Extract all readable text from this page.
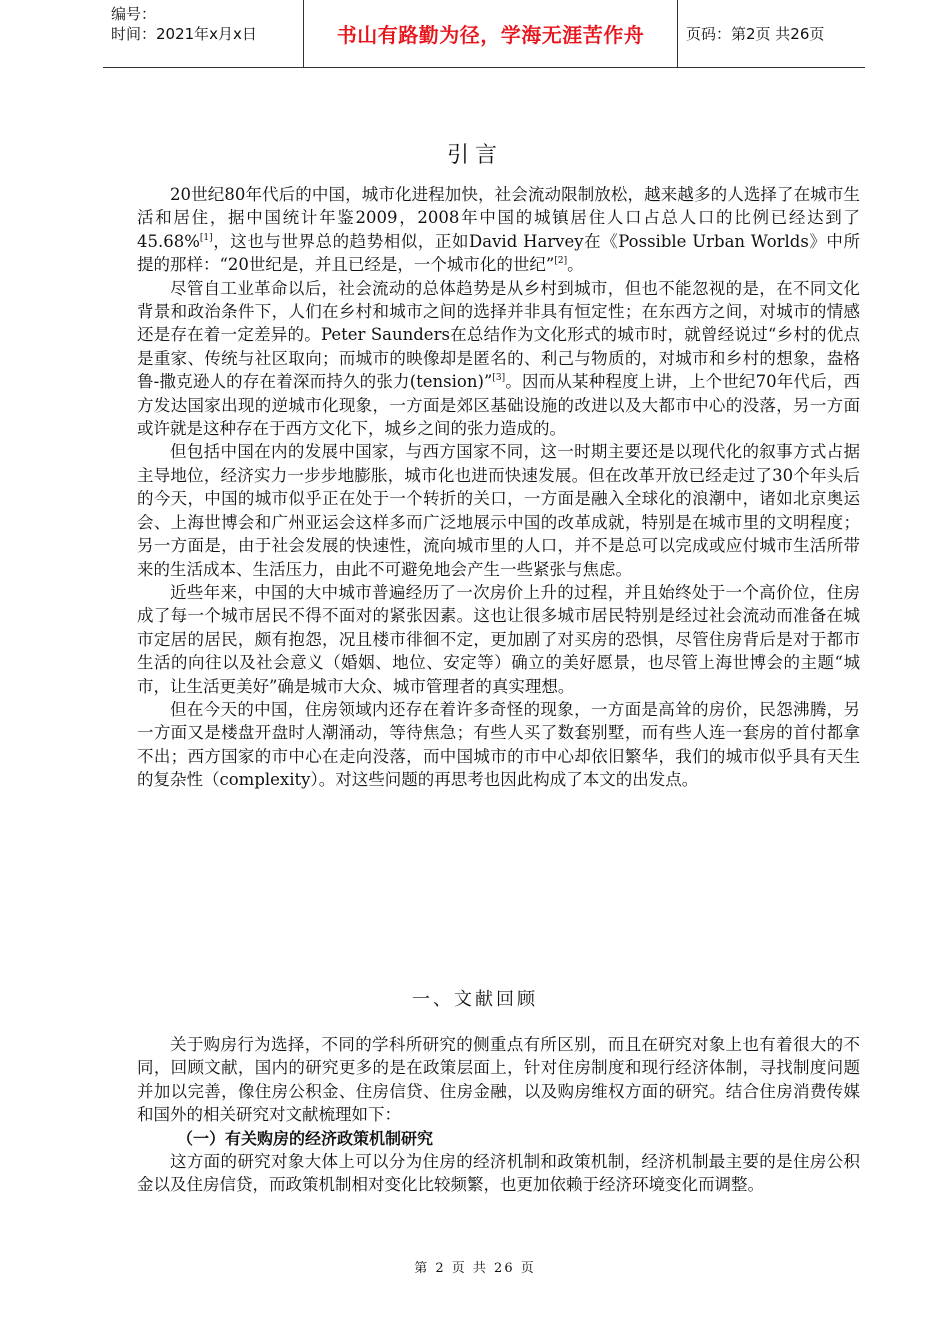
编号：
时间：2021年x月x日	书山有路勤为径，学海无涯苦作舟	页码：第2页 共26页
引言

20世纪80年代后的中国，城市化进程加快，社会流动限制放松，越来越多的人选择了在城市生活和居住，据中国统计年鉴2009，2008年中国的城镇居住人口占总人口的比例已经达到了45.68%[1]，这也与世界总的趋势相似，正如David Harvey在《Possible Urban Worlds》中所提的那样：“20世纪是，并且已经是，一个城市化的世纪”[2]。

尽管自工业革命以后，社会流动的总体趋势是从乡村到城市，但也不能忽视的是，在不同文化背景和政治条件下，人们在乡村和城市之间的选择并非具有恒定性；在东西方之间，对城市的情感还是存在着一定差异的。Peter Saunders在总结作为文化形式的城市时，就曾经说过“乡村的优点是重家、传统与社区取向；而城市的映像却是匿名的、利己与物质的，对城市和乡村的想象，盎格鲁-撒克逊人的存在着深而持久的张力(tension)”[3]。因而从某种程度上讲，上个世纪70年代后，西方发达国家出现的逆城市化现象，一方面是郊区基础设施的改进以及大都市中心的没落，另一方面或许就是这种存在于西方文化下，城乡之间的张力造成的。

但包括中国在内的发展中国家，与西方国家不同，这一时期主要还是以现代化的叙事方式占据主导地位，经济实力一步步地膨胀，城市化也进而快速发展。但在改革开放已经走过了30个年头后的今天，中国的城市似乎正在处于一个转折的关口，一方面是融入全球化的浪潮中，诸如北京奥运会、上海世博会和广州亚运会这样多而广泛地展示中国的改革成就，特别是在城市里的文明程度；另一方面是，由于社会发展的快速性，流向城市里的人口，并不是总可以完成或应付城市生活所带来的生活成本、生活压力，由此不可避免地会产生一些紧张与焦虑。

近些年来，中国的大中城市普遍经历了一次房价上升的过程，并且始终处于一个高价位，住房成了每一个城市居民不得不面对的紧张因素。这也让很多城市居民特别是经过社会流动而准备在城市定居的居民，颇有抱怨，况且楼市徘徊不定，更加剧了对买房的恐惧，尽管住房背后是对于都市生活的向往以及社会意义（婚姻、地位、安定等）确立的美好愿景，也尽管上海世博会的主题“城市，让生活更美好”确是城市大众、城市管理者的真实理想。

但在今天的中国，住房领域内还存在着许多奇怪的现象，一方面是高耸的房价，民怨沸腾，另一方面又是楼盘开盘时人潮涌动，等待焦急；有些人买了数套别墅，而有些人连一套房的首付都拿不出；西方国家的市中心在走向没落，而中国城市的市中心却依旧繁华，我们的城市似乎具有天生的复杂性（complexity）。对这些问题的再思考也因此构成了本文的出发点。

一、文献回顾

关于购房行为选择，不同的学科所研究的侧重点有所区别，而且在研究对象上也有着很大的不同，回顾文献，国内的研究更多的是在政策层面上，针对住房制度和现行经济体制，寻找制度问题并加以完善，像住房公积金、住房信贷、住房金融，以及购房维权方面的研究。结合住房消费传媒和国外的相关研究对文献梳理如下：

（一）有关购房的经济政策机制研究

这方面的研究对象大体上可以分为住房的经济机制和政策机制，经济机制最主要的是住房公积金以及住房信贷，而政策机制相对变化比较频繁，也更加依赖于经济环境变化而调整。

第 2 页 共 26 页
